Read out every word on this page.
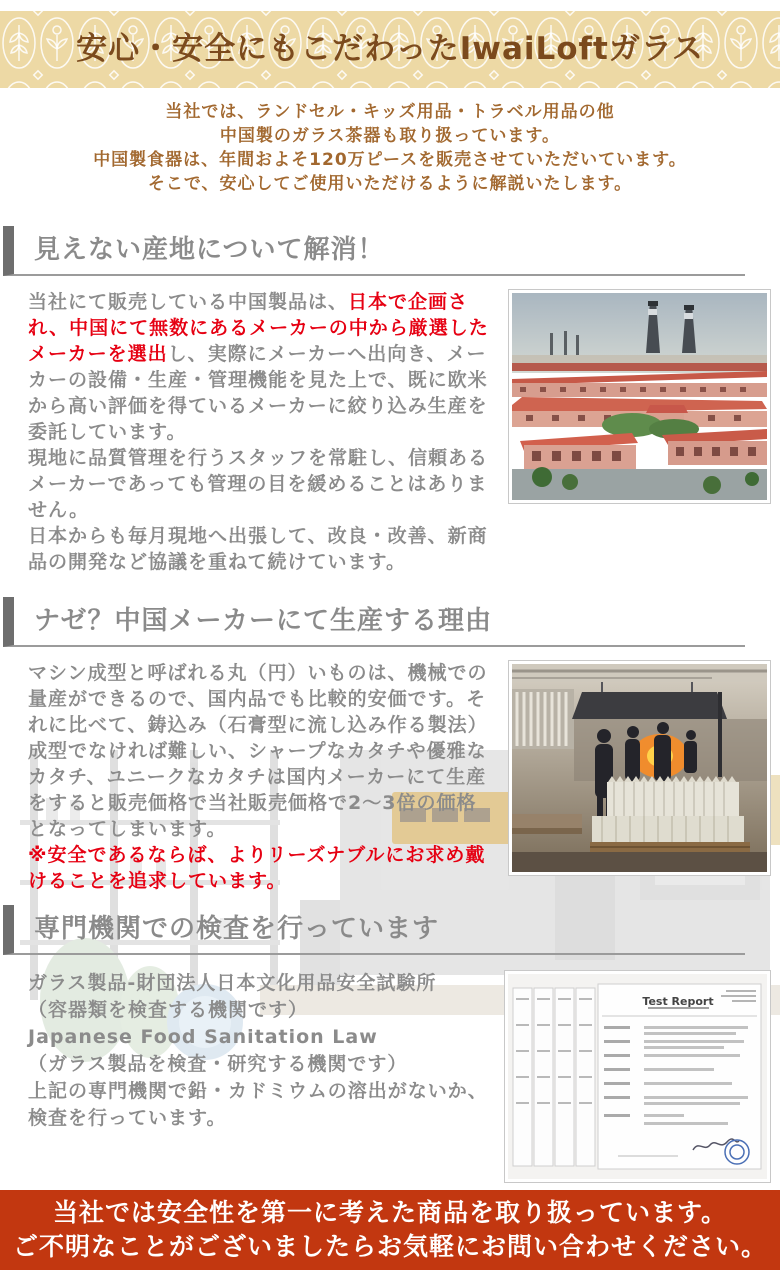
安心・安全にもこだわったIwaiLoftガラス
当社では、ランドセル・キッズ用品・トラベル用品の他
中国製のガラス茶器も取り扱っています。
中国製食器は、年間およそ120万ピースを販売させていただいています。
そこで、安心してご使用いただけるように解説いたします。
見えない産地について解消！

当社にて販売している中国製品は、日本で企画され、中国にて無数にあるメーカーの中から厳選したメーカーを選出し、実際にメーカーへ出向き、メーカーの設備・生産・管理機能を見た上で、既に欧米から高い評価を得ているメーカーに絞り込み生産を委託しています。
現地に品質管理を行うスタッフを常駐し、信頼あるメーカーであっても管理の目を緩めることはありません。
日本からも毎月現地へ出張して、改良・改善、新商品の開発など協議を重ねて続けています。

ナゼ？中国メーカーにて生産する理由

マシン成型と呼ばれる丸（円）いものは、機械での量産ができるので、国内品でも比較的安価です。それに比べて、鋳込み（石膏型に流し込み作る製法）成型でなければ難しい、シャープなカタチや優雅なカタチ、ユニークなカタチは国内メーカーにて生産をすると販売価格で当社販売価格で2〜3倍の価格となってしまいます。
※安全であるならば、よりリーズナブルにお求め戴けることを追求しています。

専門機関での検査を行っています

ガラス製品-財団法人日本文化用品安全試験所
（容器類を検査する機関です）
Japanese Food Sanitation Law
（ガラス製品を検査・研究する機関です）
上記の専門機関で鉛・カドミウムの溶出がないか、検査を行っています。

Test Report
当社では安全性を第一に考えた商品を取り扱っています。
ご不明なことがございましたらお気軽にお問い合わせください。
